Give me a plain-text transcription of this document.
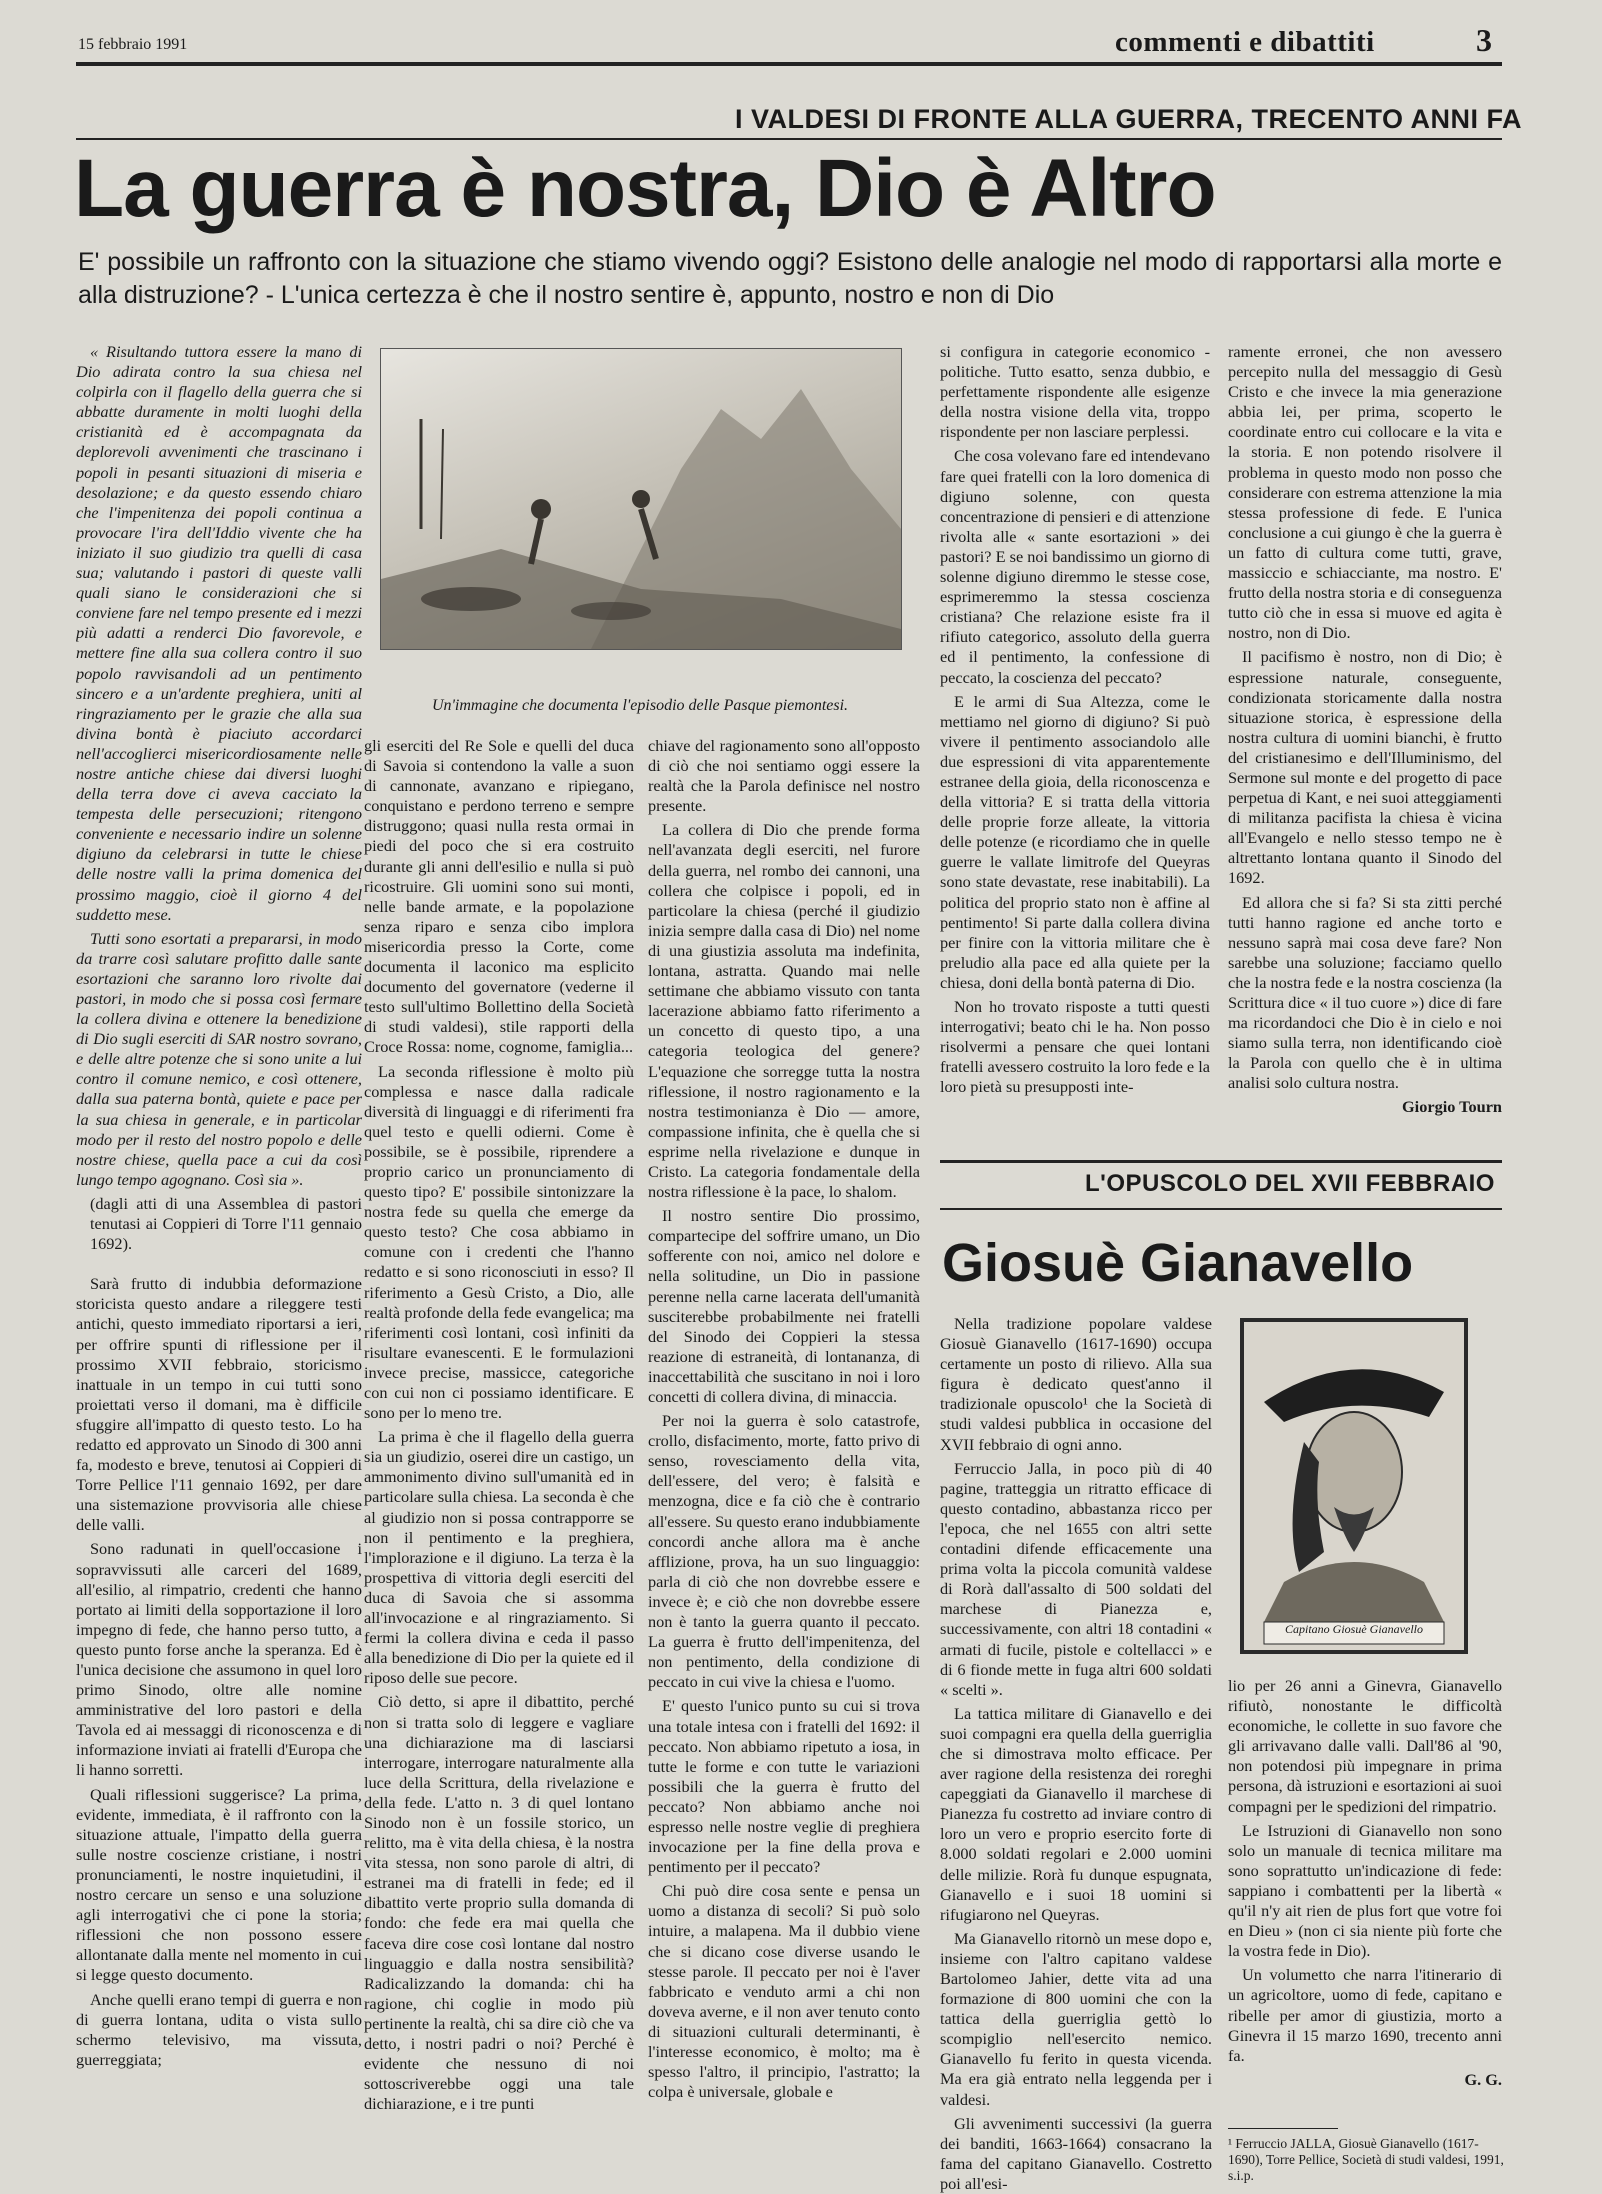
15 febbraio 1991	commenti e dibattiti	3
I VALDESI DI FRONTE ALLA GUERRA, TRECENTO ANNI FA
La guerra è nostra, Dio è Altro
E' possibile un raffronto con la situazione che stiamo vivendo oggi? Esistono delle analogie nel modo di rapportarsi alla morte e alla distruzione? - L'unica certezza è che il nostro sentire è, appunto, nostro e non di Dio

« Risultando tuttora essere la mano di Dio adirata contro la sua chiesa nel colpirla con il flagello della guerra che si abbatte duramente in molti luoghi della cristianità ed è accompagnata da deplorevoli avvenimenti che trascinano i popoli in pesanti situazioni di miseria e desolazione; e da questo essendo chiaro che l'impenitenza dei popoli continua a provocare l'ira dell'Iddio vivente che ha iniziato il suo giudizio tra quelli di casa sua; valutando i pastori di queste valli quali siano le considerazioni che si conviene fare nel tempo presente ed i mezzi più adatti a renderci Dio favorevole, e mettere fine alla sua collera contro il suo popolo ravvisandoli ad un pentimento sincero e a un'ardente preghiera, uniti al ringraziamento per le grazie che alla sua divina bontà è piaciuto accordarci nell'accoglierci misericordiosamente nelle nostre antiche chiese dai diversi luoghi della terra dove ci aveva cacciato la tempesta delle persecuzioni; ritengono conveniente e necessario indire un solenne digiuno da celebrarsi in tutte le chiese delle nostre valli la prima domenica del prossimo maggio, cioè il giorno 4 del suddetto mese.

Tutti sono esortati a prepararsi, in modo da trarre così salutare profitto dalle sante esortazioni che saranno loro rivolte dai pastori, in modo che si possa così fermare la collera divina e ottenere la benedizione di Dio sugli eserciti di SAR nostro sovrano, e delle altre potenze che si sono unite a lui contro il comune nemico, e così ottenere, dalla sua paterna bontà, quiete e pace per la sua chiesa in generale, e in particolar modo per il resto del nostro popolo e delle nostre chiese, quella pace a cui da così lungo tempo agognano. Così sia ».

(dagli atti di una Assemblea di pastori tenutasi ai Coppieri di Torre l'11 gennaio 1692).

Sarà frutto di indubbia deformazione storicista questo andare a rileggere testi antichi, questo immediato riportarsi a ieri, per offrire spunti di riflessione per il prossimo XVII febbraio, storicismo inattuale in un tempo in cui tutti sono proiettati verso il domani, ma è difficile sfuggire all'impatto di questo testo. Lo ha redatto ed approvato un Sinodo di 300 anni fa, modesto e breve, tenutosi ai Coppieri di Torre Pellice l'11 gennaio 1692, per dare una sistemazione provvisoria alle chiese delle valli.

Sono radunati in quell'occasione i sopravvissuti alle carceri del 1689, all'esilio, al rimpatrio, credenti che hanno portato ai limiti della sopportazione il loro impegno di fede, che hanno perso tutto, a questo punto forse anche la speranza. Ed è l'unica decisione che assumono in quel loro primo Sinodo, oltre alle nomine amministrative del loro pastori e della Tavola ed ai messaggi di riconoscenza e di informazione inviati ai fratelli d'Europa che li hanno sorretti.

Quali riflessioni suggerisce? La prima, evidente, immediata, è il raffronto con la situazione attuale, l'impatto della guerra sulle nostre coscienze cristiane, i nostri pronunciamenti, le nostre inquietudini, il nostro cercare un senso e una soluzione agli interrogativi che ci pone la storia; riflessioni che non possono essere allontanate dalla mente nel momento in cui si legge questo documento.

Anche quelli erano tempi di guerra e non di guerra lontana, udita o vista sullo schermo televisivo, ma vissuta, guerreggiata;

Un'immagine che documenta l'episodio delle Pasque piemontesi.

gli eserciti del Re Sole e quelli del duca di Savoia si contendono la valle a suon di cannonate, avanzano e ripiegano, conquistano e perdono terreno e sempre distruggono; quasi nulla resta ormai in piedi del poco che si era costruito durante gli anni dell'esilio e nulla si può ricostruire. Gli uomini sono sui monti, nelle bande armate, e la popolazione senza riparo e senza cibo implora misericordia presso la Corte, come documenta il laconico ma esplicito documento del governatore (vederne il testo sull'ultimo Bollettino della Società di studi valdesi), stile rapporti della Croce Rossa: nome, cognome, famiglia...

La seconda riflessione è molto più complessa e nasce dalla radicale diversità di linguaggi e di riferimenti fra quel testo e quelli odierni. Come è possibile, se è possibile, riprendere a proprio carico un pronunciamento di questo tipo? E' possibile sintonizzare la nostra fede su quella che emerge da questo testo? Che cosa abbiamo in comune con i credenti che l'hanno redatto e si sono riconosciuti in esso? Il riferimento a Gesù Cristo, a Dio, alle realtà profonde della fede evangelica; ma riferimenti così lontani, così infiniti da risultare evanescenti. E le formulazioni invece precise, massicce, categoriche con cui non ci possiamo identificare. E sono per lo meno tre.

La prima è che il flagello della guerra sia un giudizio, oserei dire un castigo, un ammonimento divino sull'umanità ed in particolare sulla chiesa. La seconda è che al giudizio non si possa contrapporre se non il pentimento e la preghiera, l'implorazione e il digiuno. La terza è la prospettiva di vittoria degli eserciti del duca di Savoia che si assomma all'invocazione e al ringraziamento. Si fermi la collera divina e ceda il passo alla benedizione di Dio per la quiete ed il riposo delle sue pecore.

Ciò detto, si apre il dibattito, perché non si tratta solo di leggere e vagliare una dichiarazione ma di lasciarsi interrogare, interrogare naturalmente alla luce della Scrittura, della rivelazione e della fede. L'atto n. 3 di quel lontano Sinodo non è un fossile storico, un relitto, ma è vita della chiesa, è la nostra vita stessa, non sono parole di altri, di estranei ma di fratelli in fede; ed il dibattito verte proprio sulla domanda di fondo: che fede era mai quella che faceva dire cose così lontane dal nostro linguaggio e dalla nostra sensibilità? Radicalizzando la domanda: chi ha ragione, chi coglie in modo più pertinente la realtà, chi sa dire ciò che va detto, i nostri padri o noi? Perché è evidente che nessuno di noi sottoscriverebbe oggi una tale dichiarazione, e i tre punti

chiave del ragionamento sono all'opposto di ciò che noi sentiamo oggi essere la realtà che la Parola definisce nel nostro presente.

La collera di Dio che prende forma nell'avanzata degli eserciti, nel furore della guerra, nel rombo dei cannoni, una collera che colpisce i popoli, ed in particolare la chiesa (perché il giudizio inizia sempre dalla casa di Dio) nel nome di una giustizia assoluta ma indefinita, lontana, astratta. Quando mai nelle settimane che abbiamo vissuto con tanta lacerazione abbiamo fatto riferimento a un concetto di questo tipo, a una categoria teologica del genere? L'equazione che sorregge tutta la nostra riflessione, il nostro ragionamento e la nostra testimonianza è Dio — amore, compassione infinita, che è quella che si esprime nella rivelazione e dunque in Cristo. La categoria fondamentale della nostra riflessione è la pace, lo shalom.

Il nostro sentire Dio prossimo, compartecipe del soffrire umano, un Dio sofferente con noi, amico nel dolore e nella solitudine, un Dio in passione perenne nella carne lacerata dell'umanità susciterebbe probabilmente nei fratelli del Sinodo dei Coppieri la stessa reazione di estraneità, di lontananza, di inaccettabilità che suscitano in noi i loro concetti di collera divina, di minaccia.

Per noi la guerra è solo catastrofe, crollo, disfacimento, morte, fatto privo di senso, rovesciamento della vita, dell'essere, del vero; è falsità e menzogna, dice e fa ciò che è contrario all'essere. Su questo erano indubbiamente concordi anche allora ma è anche afflizione, prova, ha un suo linguaggio: parla di ciò che non dovrebbe essere e invece è; e ciò che non dovrebbe essere non è tanto la guerra quanto il peccato. La guerra è frutto dell'impenitenza, del non pentimento, della condizione di peccato in cui vive la chiesa e l'uomo.

E' questo l'unico punto su cui si trova una totale intesa con i fratelli del 1692: il peccato. Non abbiamo ripetuto a iosa, in tutte le forme e con tutte le variazioni possibili che la guerra è frutto del peccato? Non abbiamo anche noi espresso nelle nostre veglie di preghiera invocazione per la fine della prova e pentimento per il peccato?

Chi può dire cosa sente e pensa un uomo a distanza di secoli? Si può solo intuire, a malapena. Ma il dubbio viene che si dicano cose diverse usando le stesse parole. Il peccato per noi è l'aver fabbricato e venduto armi a chi non doveva averne, e il non aver tenuto conto di situazioni culturali determinanti, è l'interesse economico, è molto; ma è spesso l'altro, il principio, l'astratto; la colpa è universale, globale e

si configura in categorie economico - politiche. Tutto esatto, senza dubbio, e perfettamente rispondente alle esigenze della nostra visione della vita, troppo rispondente per non lasciare perplessi.

Che cosa volevano fare ed intendevano fare quei fratelli con la loro domenica di digiuno solenne, con questa concentrazione di pensieri e di attenzione rivolta alle « sante esortazioni » dei pastori? E se noi bandissimo un giorno di solenne digiuno diremmo le stesse cose, esprimeremmo la stessa coscienza cristiana? Che relazione esiste fra il rifiuto categorico, assoluto della guerra ed il pentimento, la confessione di peccato, la coscienza del peccato?

E le armi di Sua Altezza, come le mettiamo nel giorno di digiuno? Si può vivere il pentimento associandolo alle due espressioni di vita apparentemente estranee della gioia, della riconoscenza e della vittoria? E si tratta della vittoria delle proprie forze alleate, la vittoria delle potenze (e ricordiamo che in quelle guerre le vallate limitrofe del Queyras sono state devastate, rese inabitabili). La politica del proprio stato non è affine al pentimento! Si parte dalla collera divina per finire con la vittoria militare che è preludio alla pace ed alla quiete per la chiesa, doni della bontà paterna di Dio.

Non ho trovato risposte a tutti questi interrogativi; beato chi le ha. Non posso risolvermi a pensare che quei lontani fratelli avessero costruito la loro fede e la loro pietà su presupposti inte-

ramente erronei, che non avessero percepito nulla del messaggio di Gesù Cristo e che invece la mia generazione abbia lei, per prima, scoperto le coordinate entro cui collocare e la vita e la storia. E non potendo risolvere il problema in questo modo non posso che considerare con estrema attenzione la mia stessa professione di fede. E l'unica conclusione a cui giungo è che la guerra è un fatto di cultura come tutti, grave, massiccio e schiacciante, ma nostro. E' frutto della nostra storia e di conseguenza tutto ciò che in essa si muove ed agita è nostro, non di Dio.

Il pacifismo è nostro, non di Dio; è espressione naturale, conseguente, condizionata storicamente dalla nostra situazione storica, è espressione della nostra cultura di uomini bianchi, è frutto del cristianesimo e dell'Illuminismo, del Sermone sul monte e del progetto di pace perpetua di Kant, e nei suoi atteggiamenti di militanza pacifista la chiesa è vicina all'Evangelo e nello stesso tempo ne è altrettanto lontana quanto il Sinodo del 1692.

Ed allora che si fa? Si sta zitti perché tutti hanno ragione ed anche torto e nessuno saprà mai cosa deve fare? Non sarebbe una soluzione; facciamo quello che la nostra fede e la nostra coscienza (la Scrittura dice « il tuo cuore ») dice di fare ma ricordandoci che Dio è in cielo e noi siamo sulla terra, non identificando cioè la Parola con quello che è in ultima analisi solo cultura nostra.

Giorgio Tourn
L'OPUSCOLO DEL XVII FEBBRAIO
Giosuè Gianavello
Capitano Giosuè Gianavello

Nella tradizione popolare valdese Giosuè Gianavello (1617-1690) occupa certamente un posto di rilievo. Alla sua figura è dedicato quest'anno il tradizionale opuscolo¹ che la Società di studi valdesi pubblica in occasione del XVII febbraio di ogni anno.

Ferruccio Jalla, in poco più di 40 pagine, tratteggia un ritratto efficace di questo contadino, abbastanza ricco per l'epoca, che nel 1655 con altri sette contadini difende efficacemente una prima volta la piccola comunità valdese di Rorà dall'assalto di 500 soldati del marchese di Pianezza e, successivamente, con altri 18 contadini « armati di fucile, pistole e coltellacci » e di 6 fionde mette in fuga altri 600 soldati « scelti ».

La tattica militare di Gianavello e dei suoi compagni era quella della guerriglia che si dimostrava molto efficace. Per aver ragione della resistenza dei roreghi capeggiati da Gianavello il marchese di Pianezza fu costretto ad inviare contro di loro un vero e proprio esercito forte di 8.000 soldati regolari e 2.000 uomini delle milizie. Rorà fu dunque espugnata, Gianavello e i suoi 18 uomini si rifugiarono nel Queyras.

Ma Gianavello ritornò un mese dopo e, insieme con l'altro capitano valdese Bartolomeo Jahier, dette vita ad una formazione di 800 uomini che con la tattica della guerriglia gettò lo scompiglio nell'esercito nemico. Gianavello fu ferito in questa vicenda. Ma era già entrato nella leggenda per i valdesi.

Gli avvenimenti successivi (la guerra dei banditi, 1663-1664) consacrano la fama del capitano Gianavello. Costretto poi all'esi-

lio per 26 anni a Ginevra, Gianavello rifiutò, nonostante le difficoltà economiche, le collette in suo favore che gli arrivavano dalle valli. Dall'86 al '90, non potendosi più impegnare in prima persona, dà istruzioni e esortazioni ai suoi compagni per le spedizioni del rimpatrio.

Le Istruzioni di Gianavello non sono solo un manuale di tecnica militare ma sono soprattutto un'indicazione di fede: sappiano i combattenti per la libertà « qu'il n'y ait rien de plus fort que votre foi en Dieu » (non ci sia niente più forte che la vostra fede in Dio).

Un volumetto che narra l'itinerario di un agricoltore, uomo di fede, capitano e ribelle per amor di giustizia, morto a Ginevra il 15 marzo 1690, trecento anni fa.

G. G.
¹ Ferruccio JALLA, Giosuè Gianavello (1617-1690), Torre Pellice, Società di studi valdesi, 1991, s.i.p.
